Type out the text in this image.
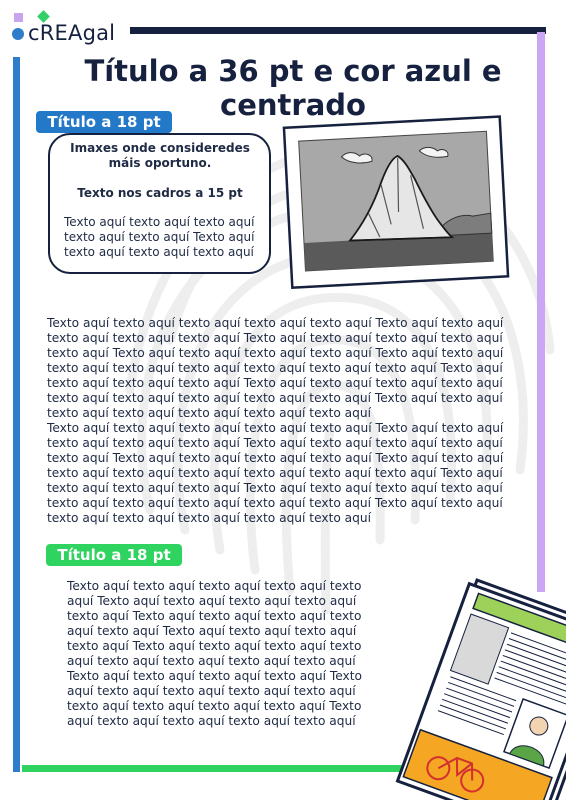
cREAgal
Título a 36 pt e cor azul e centrado
Título a 18 pt
Imaxes onde consideredes máis oportuno.
Texto nos cadros a 15 pt
Texto aquí texto aquí texto aquí texto aquí texto aquí Texto aquí texto aquí texto aquí texto aquí
Texto aquí texto aquí texto aquí texto aquí texto aquí Texto aquí texto aquí texto aquí texto aquí texto aquí Texto aquí texto aquí texto aquí texto aquí texto aquí Texto aquí texto aquí texto aquí texto aquí Texto aquí texto aquí texto aquí texto aquí texto aquí texto aquí texto aquí texto aquí Texto aquí texto aquí texto aquí texto aquí Texto aquí texto aquí texto aquí texto aquí texto aquí texto aquí texto aquí texto aquí texto aquí Texto aquí texto aquí texto aquí texto aquí texto aquí texto aquí texto aquí
Texto aquí texto aquí texto aquí texto aquí texto aquí Texto aquí texto aquí texto aquí texto aquí texto aquí Texto aquí texto aquí texto aquí texto aquí texto aquí Texto aquí texto aquí texto aquí texto aquí Texto aquí texto aquí texto aquí texto aquí texto aquí texto aquí texto aquí texto aquí Texto aquí texto aquí texto aquí texto aquí Texto aquí texto aquí texto aquí texto aquí texto aquí texto aquí texto aquí texto aquí texto aquí Texto aquí texto aquí texto aquí texto aquí texto aquí texto aquí texto aquí
Título a 18 pt
Texto aquí texto aquí texto aquí texto aquí texto aquí Texto aquí texto aquí texto aquí texto aquí texto aquí Texto aquí texto aquí texto aquí texto aquí texto aquí Texto aquí texto aquí texto aquí texto aquí Texto aquí texto aquí texto aquí texto aquí texto aquí texto aquí texto aquí texto aquí Texto aquí texto aquí texto aquí texto aquí Texto aquí texto aquí texto aquí texto aquí texto aquí texto aquí texto aquí texto aquí texto aquí Texto aquí texto aquí texto aquí texto aquí texto aquí
